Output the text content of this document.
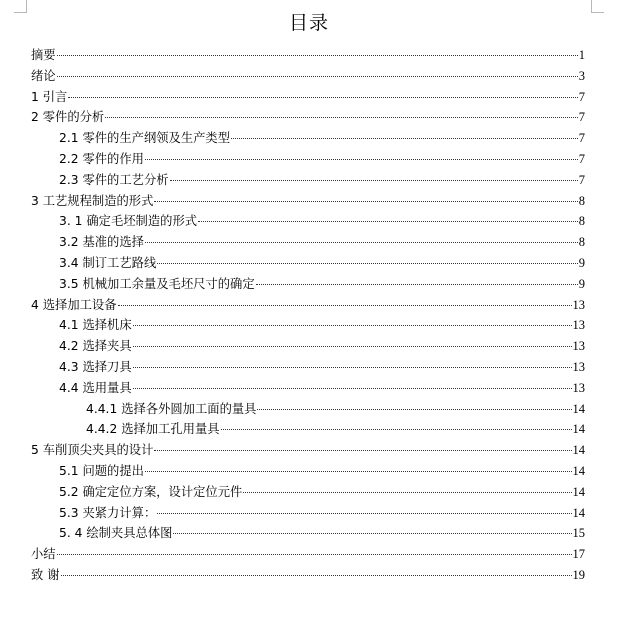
目录
摘要	1
绪论	3
1 引言	7
2 零件的分析	7
2.1 零件的生产纲领及生产类型	7
2.2 零件的作用	7
2.3 零件的工艺分析	7
3 工艺规程制造的形式	8
3. 1 确定毛坯制造的形式	8
3.2 基准的选择	8
3.4 制订工艺路线	9
3.5 机械加工余量及毛坯尺寸的确定	9
4 选择加工设备	13
4.1 选择机床	13
4.2 选择夹具	13
4.3 选择刀具	13
4.4 选用量具	13
4.4.1 选择各外圆加工面的量具	14
4.4.2 选择加工孔用量具	14
5 车削顶尖夹具的设计	14
5.1 问题的提出	14
5.2 确定定位方案，设计定位元件	14
5.3 夹紧力计算：	14
5. 4 绘制夹具总体图	15
小结	17
致 谢	19
